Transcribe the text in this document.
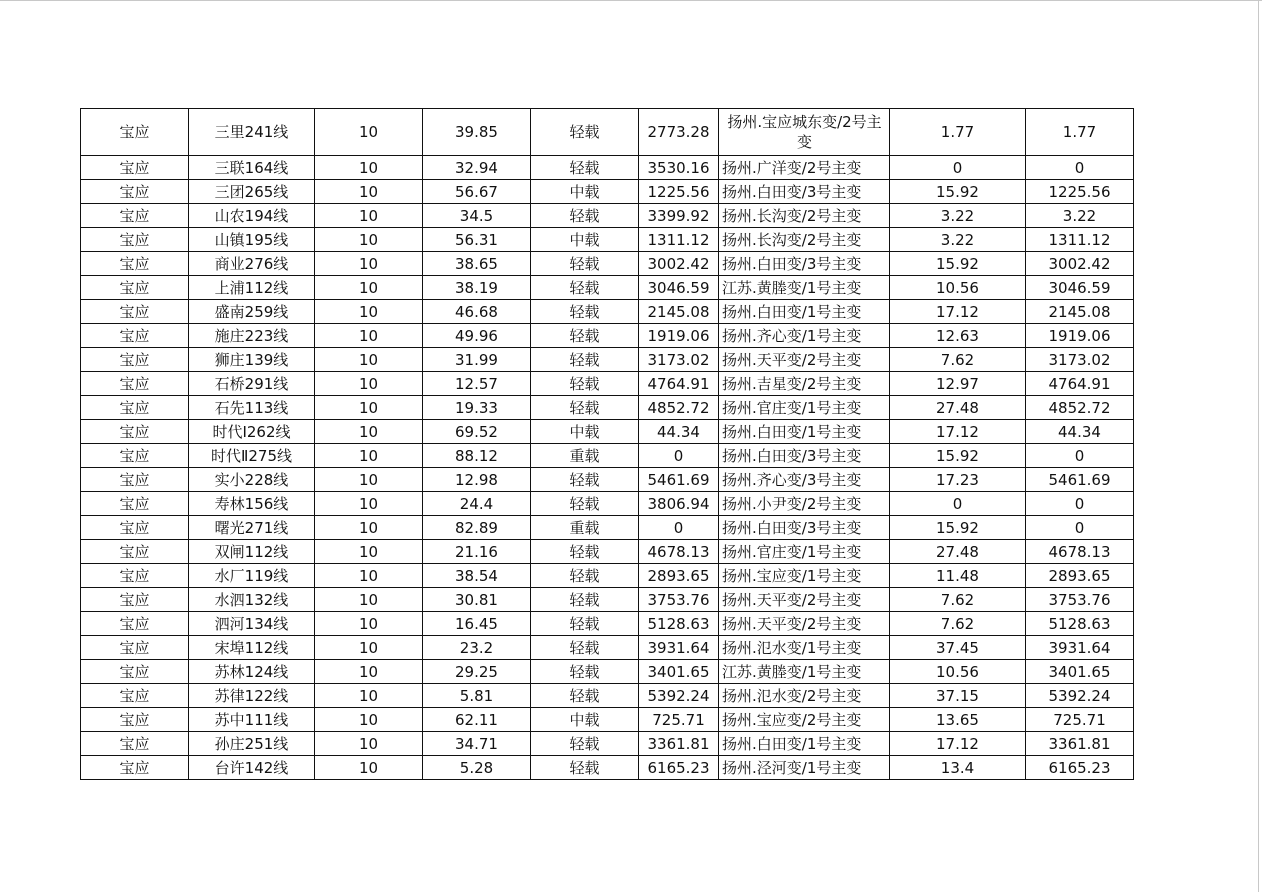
宝应	三里241线	10	39.85	轻载	2773.28	扬州.宝应城东变/2号主变	1.77	1.77
宝应	三联164线	10	32.94	轻载	3530.16	扬州.广洋变/2号主变	0	0
宝应	三团265线	10	56.67	中载	1225.56	扬州.白田变/3号主变	15.92	1225.56
宝应	山农194线	10	34.5	轻载	3399.92	扬州.长沟变/2号主变	3.22	3.22
宝应	山镇195线	10	56.31	中载	1311.12	扬州.长沟变/2号主变	3.22	1311.12
宝应	商业276线	10	38.65	轻载	3002.42	扬州.白田变/3号主变	15.92	3002.42
宝应	上浦112线	10	38.19	轻载	3046.59	江苏.黄塍变/1号主变	10.56	3046.59
宝应	盛南259线	10	46.68	轻载	2145.08	扬州.白田变/1号主变	17.12	2145.08
宝应	施庄223线	10	49.96	轻载	1919.06	扬州.齐心变/1号主变	12.63	1919.06
宝应	狮庄139线	10	31.99	轻载	3173.02	扬州.天平变/2号主变	7.62	3173.02
宝应	石桥291线	10	12.57	轻载	4764.91	扬州.吉星变/2号主变	12.97	4764.91
宝应	石先113线	10	19.33	轻载	4852.72	扬州.官庄变/1号主变	27.48	4852.72
宝应	时代Ⅰ262线	10	69.52	中载	44.34	扬州.白田变/1号主变	17.12	44.34
宝应	时代Ⅱ275线	10	88.12	重载	0	扬州.白田变/3号主变	15.92	0
宝应	实小228线	10	12.98	轻载	5461.69	扬州.齐心变/3号主变	17.23	5461.69
宝应	寿林156线	10	24.4	轻载	3806.94	扬州.小尹变/2号主变	0	0
宝应	曙光271线	10	82.89	重载	0	扬州.白田变/3号主变	15.92	0
宝应	双闸112线	10	21.16	轻载	4678.13	扬州.官庄变/1号主变	27.48	4678.13
宝应	水厂119线	10	38.54	轻载	2893.65	扬州.宝应变/1号主变	11.48	2893.65
宝应	水泗132线	10	30.81	轻载	3753.76	扬州.天平变/2号主变	7.62	3753.76
宝应	泗河134线	10	16.45	轻载	5128.63	扬州.天平变/2号主变	7.62	5128.63
宝应	宋埠112线	10	23.2	轻载	3931.64	扬州.氾水变/1号主变	37.45	3931.64
宝应	苏林124线	10	29.25	轻载	3401.65	江苏.黄塍变/1号主变	10.56	3401.65
宝应	苏律122线	10	5.81	轻载	5392.24	扬州.氾水变/2号主变	37.15	5392.24
宝应	苏中111线	10	62.11	中载	725.71	扬州.宝应变/2号主变	13.65	725.71
宝应	孙庄251线	10	34.71	轻载	3361.81	扬州.白田变/1号主变	17.12	3361.81
宝应	台许142线	10	5.28	轻载	6165.23	扬州.泾河变/1号主变	13.4	6165.23
